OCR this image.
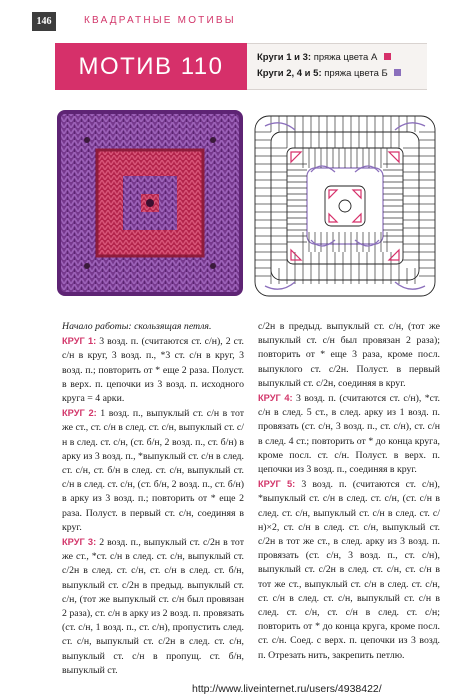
146	КВАДРАТНЫЕ МОТИВЫ
МОТИВ 110	Круги 1 и 3: пряжа цвета А
Круги 2, 4 и 5: пряжа цвета Б

Начало работы: скользящая петля.

КРУГ 1: 3 возд. п. (считаются ст. с/н), 2 ст. с/н в круг, 3 возд. п., *3 ст. с/н в круг, 3 возд. п.; повторить от * еще 2 раза. Полуст. в верх. п. цепочки из 3 возд. п. исходного круга = 4 арки.

КРУГ 2: 1 возд. п., выпуклый ст. с/н в тот же ст., ст. с/н в след. ст. с/н, выпуклый ст. с/н в след. ст. с/н, (ст. б/н, 2 возд. п., ст. б/н) в арку из 3 возд. п., *выпуклый ст. с/н в след. ст. с/н, ст. б/н в след. ст. с/н, выпуклый ст. с/н в след. ст. с/н, (ст. б/н, 2 возд. п., ст. б/н) в арку из 3 возд. п.; повторить от * еще 2 раза. Полуст. в первый ст. с/н, соединяя в круг.

КРУГ 3: 2 возд. п., выпуклый ст. с/2н в тот же ст., *ст. с/н в след. ст. с/н, выпуклый ст. с/2н в след. ст. с/н, ст. с/н в след. ст. б/н, выпуклый ст. с/2н в предыд. выпуклый ст. с/н, (тот же выпуклый ст. с/н был провязан 2 раза), ст. с/н в арку из 2 возд. п. провязать (ст. с/н, 1 возд. п., ст. с/н), пропустить след. ст. с/н, выпуклый ст. с/2н в след. ст. с/н, выпуклый ст. с/н в пропущ. ст. б/н, выпуклый ст.

с/2н в предыд. выпуклый ст. с/н, (тот же выпуклый ст. с/н был провязан 2 раза); повторить от * еще 3 раза, кроме посл. выпуклого ст. с/2н. Полуст. в первый выпуклый ст. с/2н, соединяя в круг.

КРУГ 4: 3 возд. п. (считаются ст. с/н), *ст. с/н в след. 5 ст., в след. арку из 1 возд. п. провязать (ст. с/н, 3 возд. п., ст. с/н), ст. с/н в след. 4 ст.; повторить от * до конца круга, кроме посл. ст. с/н. Полуст. в верх. п. цепочки из 3 возд. п., соединяя в круг.

КРУГ 5: 3 возд. п. (считаются ст. с/н), *выпуклый ст. с/н в след. ст. с/н, (ст. с/н в след. ст. с/н, выпуклый ст. с/н в след. ст. с/н)×2, ст. с/н в след. ст. с/н, выпуклый ст. с/2н в тот же ст., в след. арку из 3 возд. п. провязать (ст. с/н, 3 возд. п., ст. с/н), выпуклый ст. с/2н в след. ст. с/н, ст. с/н в тот же ст., выпуклый ст. с/н в след. ст. с/н, ст. с/н в след. ст. с/н, выпуклый ст. с/н в след. ст. с/н, ст. с/н в след. ст. с/н; повторить от * до конца круга, кроме посл. ст. с/н. Соед. с верх. п. цепочки из 3 возд. п. Отрезать нить, закрепить петлю.

http://www.liveinternet.ru/users/4938422/
